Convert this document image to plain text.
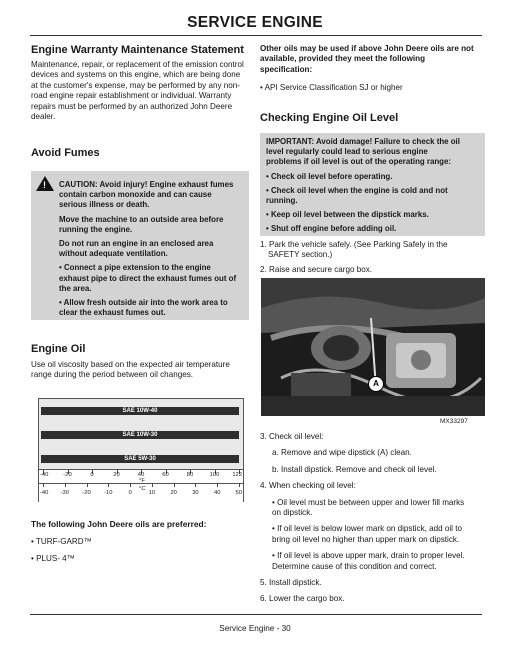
SERVICE ENGINE
Engine Warranty Maintenance Statement

Maintenance, repair, or replacement of the emission control

devices and systems on this engine, which are being done

at the customer's expense, may be performed by any non-

road engine repair establishment or individual. Warranty

repairs must be performed by an authorized John Deere

dealer.

Avoid Fumes
! CAUTION: Avoid injury! Engine exhaust fumes

contain carbon monoxide and can cause

serious illness or death.

Move the machine to an outside area before

running the engine.

Do not run an engine in an enclosed area

without adequate ventilation.

• Connect a pipe extension to the engine

exhaust pipe to direct the exhaust fumes out of

the area.

• Allow fresh outside air into the work area to

clear the exhaust fumes out.

Engine Oil

Use oil viscosity based on the expected air temperature

range during the period between oil changes.

SAE 10W-40
SAE 10W-30
SAE 5W-30
°F
°C
-40	-20	0	20	40	60	80	100 122
-40 -30 -20 -10	0	10	20	30	40	50
The following John Deere oils are preferred:

• TURF-GARD™

• PLUS- 4™

Other oils may be used if above John Deere oils are not

available, provided they meet the following

specification:

• API Service Classification SJ or higher

Checking Engine Oil Level

IMPORTANT: Avoid damage! Failure to check the oil

level regularly could lead to serious engine

problems if oil level is out of the operating range:

• Check oil level before operating.

• Check oil level when the engine is cold and not

running.

• Keep oil level between the dipstick marks.

• Shut off engine before adding oil.

1. Park the vehicle safely. (See Parking Safely in the

SAFETY section.)

2. Raise and secure cargo box.

A
MX33297

3. Check oil level:

a. Remove and wipe dipstick (A) clean.

b. Install dipstick. Remove and check oil level.

4. When checking oil level:

• Oil level must be between upper and lower fill marks

on dipstick.

• If oil level is below lower mark on dipstick, add oil to

bring oil level no higher than upper mark on dipstick.

• If oil level is above upper mark, drain to proper level.

Determine cause of this condition and correct.

5. Install dipstick.

6. Lower the cargo box.

Service Engine - 30
